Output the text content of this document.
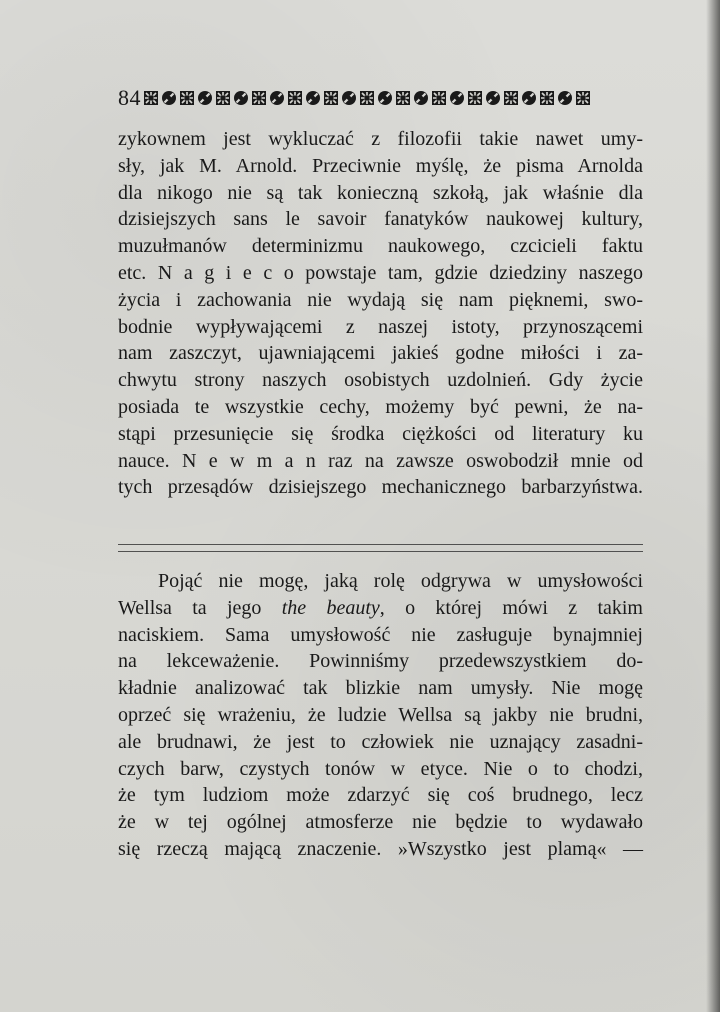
84
zykownem jest wykluczać z filozofii takie nawet umy-
sły, jak M. Arnold. Przeciwnie myślę, że pisma Arnolda
dla nikogo nie są tak konieczną szkołą, jak właśnie dla
dzisiejszych sans le savoir fanatyków naukowej kultury,
muzułmanów determinizmu naukowego, czcicieli faktu
etc. N a g i e c o powstaje tam, gdzie dziedziny naszego
życia i zachowania nie wydają się nam pięknemi, swo-
bodnie wypływającemi z naszej istoty, przynoszącemi
nam zaszczyt, ujawniającemi jakieś godne miłości i za-
chwytu strony naszych osobistych uzdolnień. Gdy życie
posiada te wszystkie cechy, możemy być pewni, że na-
stąpi przesunięcie się środka ciężkości od literatury ku
nauce. N e w m a n raz na zawsze oswobodził mnie od
tych przesądów dzisiejszego mechanicznego barbarzyństwa.
Pojąć nie mogę, jaką rolę odgrywa w umysłowości
Wellsa ta jego the beauty, o której mówi z takim
naciskiem. Sama umysłowość nie zasługuje bynajmniej
na lekceważenie. Powinniśmy przedewszystkiem do-
kładnie analizować tak blizkie nam umysły. Nie mogę
oprzeć się wrażeniu, że ludzie Wellsa są jakby nie brudni,
ale brudnawi, że jest to człowiek nie uznający zasadni-
czych barw, czystych tonów w etyce. Nie o to chodzi,
że tym ludziom może zdarzyć się coś brudnego, lecz
że w tej ogólnej atmosferze nie będzie to wydawało
się rzeczą mającą znaczenie. »Wszystko jest plamą« —
